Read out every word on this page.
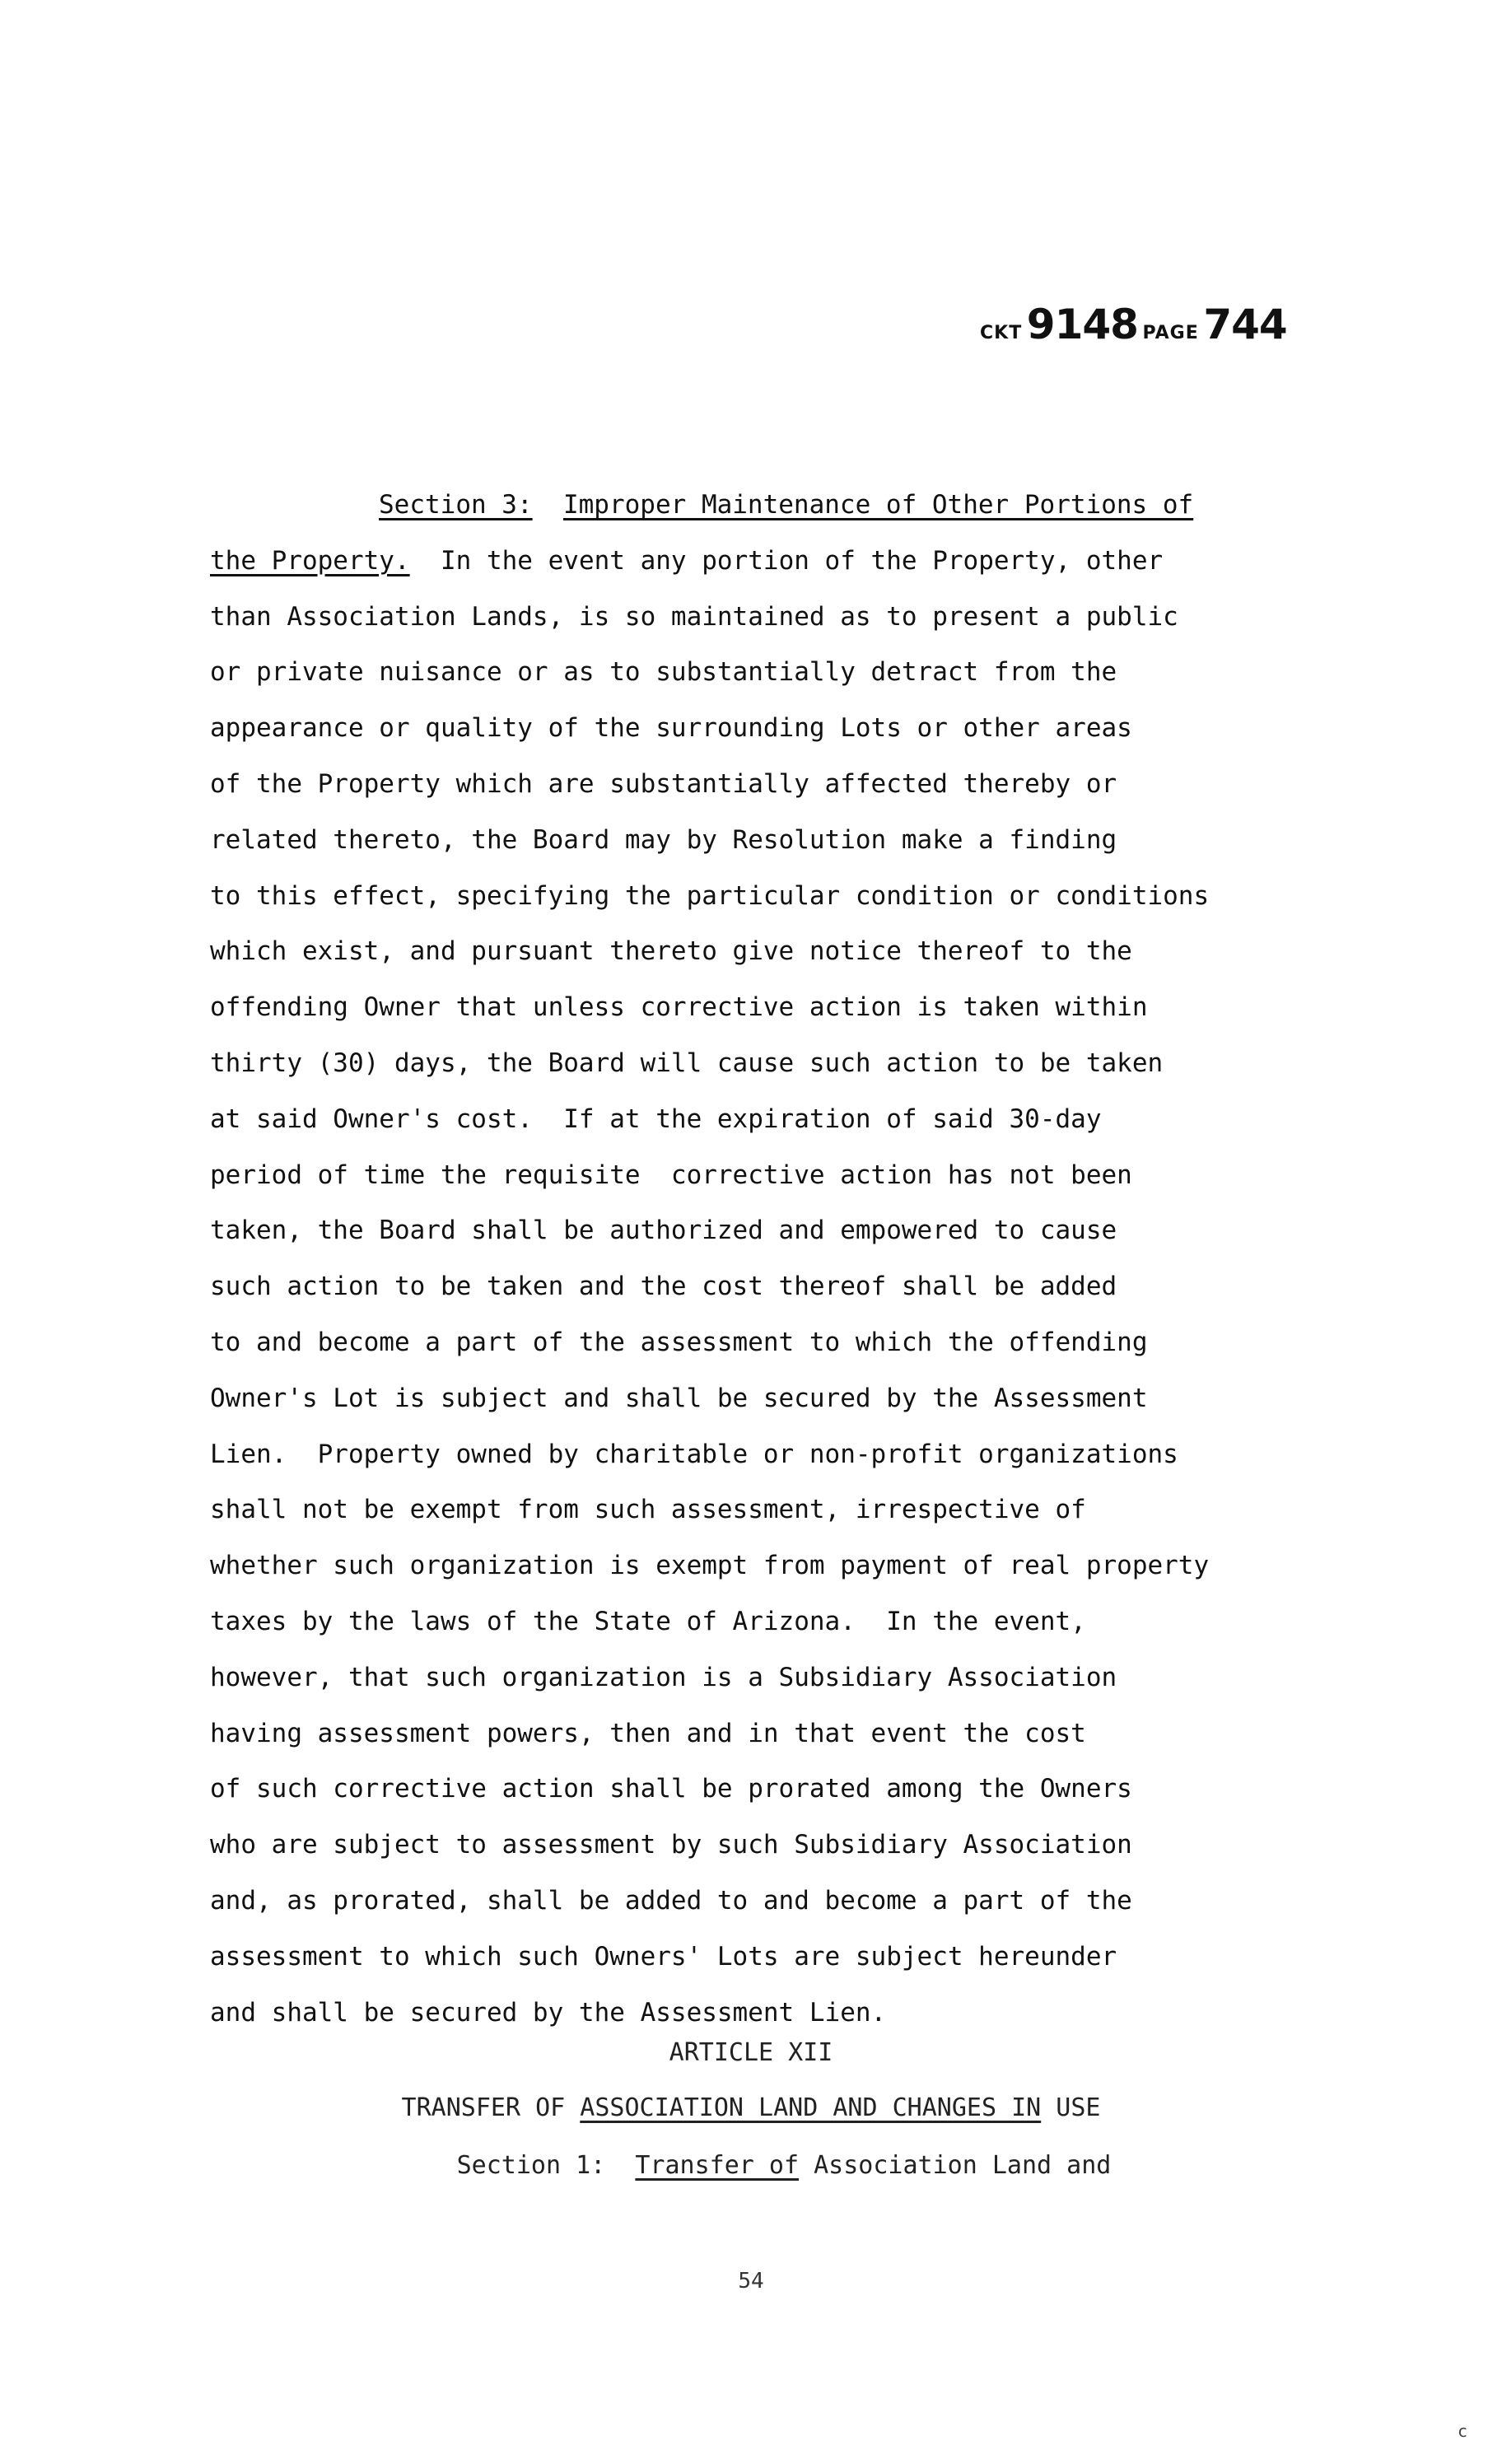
CKT 9148 PAGE 744
Section 3: Improper Maintenance of Other Portions of
the Property.  In the event any portion of the Property, other
than Association Lands, is so maintained as to present a public
or private nuisance or as to substantially detract from the
appearance or quality of the surrounding Lots or other areas
of the Property which are substantially affected thereby or
related thereto, the Board may by Resolution make a finding
to this effect, specifying the particular condition or conditions
which exist, and pursuant thereto give notice thereof to the
offending Owner that unless corrective action is taken within
thirty (30) days, the Board will cause such action to be taken
at said Owner's cost.  If at the expiration of said 30-day
period of time the requisite  corrective action has not been
taken, the Board shall be authorized and empowered to cause
such action to be taken and the cost thereof shall be added
to and become a part of the assessment to which the offending
Owner's Lot is subject and shall be secured by the Assessment
Lien.  Property owned by charitable or non-profit organizations
shall not be exempt from such assessment, irrespective of
whether such organization is exempt from payment of real property
taxes by the laws of the State of Arizona.  In the event,
however, that such organization is a Subsidiary Association
having assessment powers, then and in that event the cost
of such corrective action shall be prorated among the Owners
who are subject to assessment by such Subsidiary Association
and, as prorated, shall be added to and become a part of the
assessment to which such Owners' Lots are subject hereunder
and shall be secured by the Assessment Lien.
ARTICLE XII
TRANSFER OF ASSOCIATION LAND AND CHANGES IN USE
Section 1: Transfer of Association Land and
54
c
